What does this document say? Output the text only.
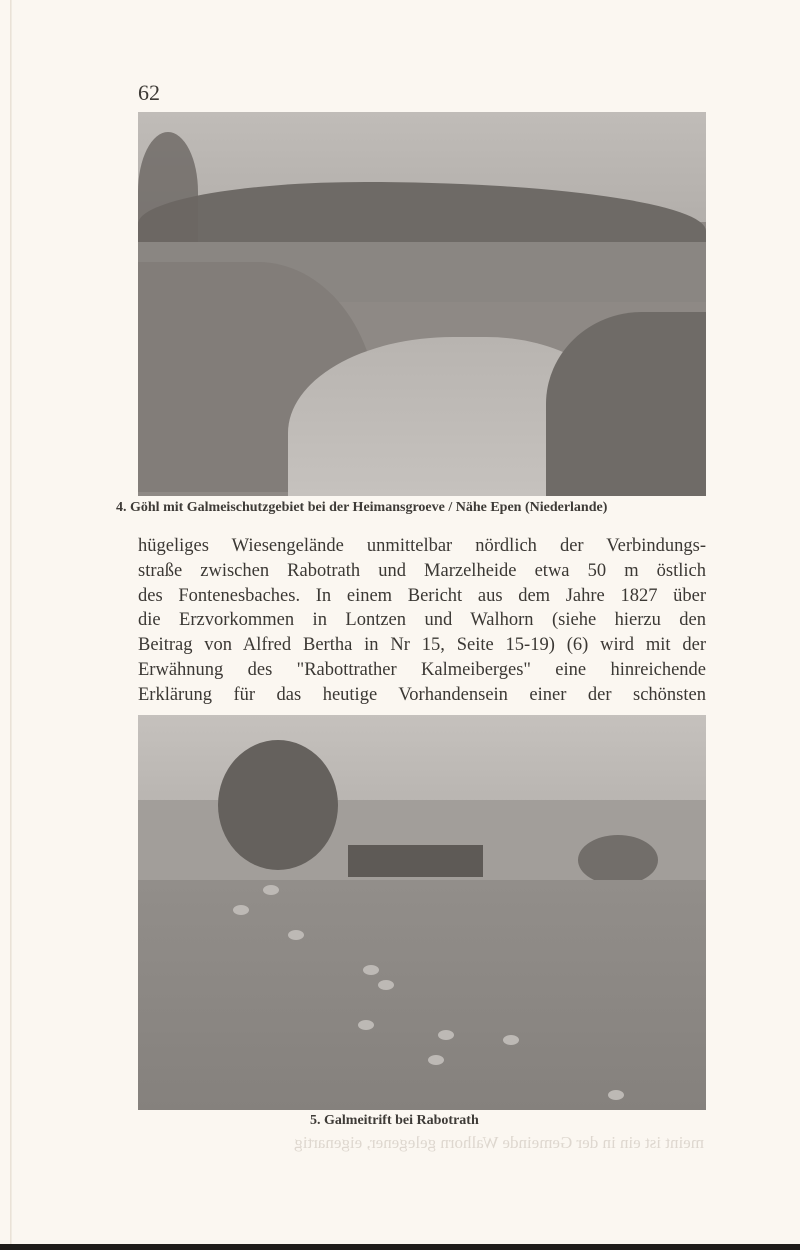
62
4. Göhl mit Galmeischutzgebiet bei der Heimansgroeve / Nähe Epen (Niederlande)
hügeliges Wiesengelände unmittelbar nördlich der Verbindungs-
straße zwischen Rabotrath und Marzelheide etwa 50 m östlich
des Fontenesbaches. In einem Bericht aus dem Jahre 1827 über
die Erzvorkommen in Lontzen und Walhorn (siehe hierzu den
Beitrag von Alfred Bertha in Nr 15, Seite 15-19) (6) wird mit der
Erwähnung des "Rabottrather Kalmeiberges" eine hinreichende
Erklärung für das heutige Vorhandensein einer der schönsten
5. Galmeitrift bei Rabotrath
meint ist ein in der Gemeinde Walhorn gelegener, eigenartig
